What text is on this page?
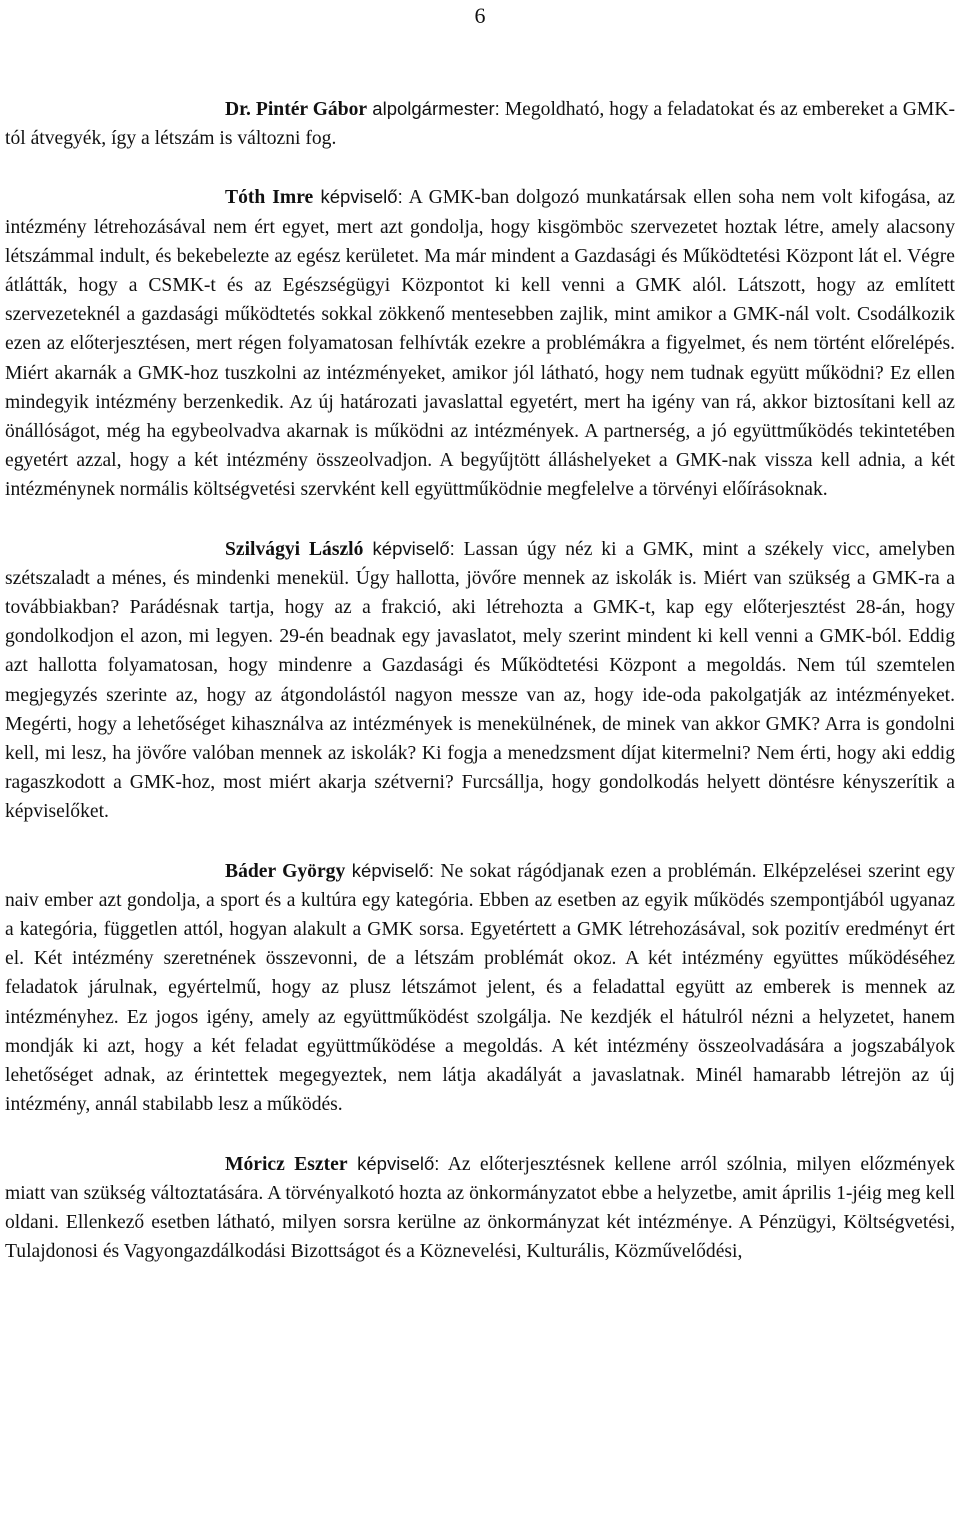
6

Dr. Pintér Gábor alpolgármester: Megoldható, hogy a feladatokat és az embereket a GMK-tól átvegyék, így a létszám is változni fog.

Tóth Imre képviselő: A GMK-ban dolgozó munkatársak ellen soha nem volt kifogása, az intézmény létrehozásával nem ért egyet, mert azt gondolja, hogy kisgömböc szervezetet hoztak létre, amely alacsony létszámmal indult, és bekebelezte az egész kerületet. Ma már mindent a Gazdasági és Működtetési Központ lát el. Végre átlátták, hogy a CSMK-t és az Egészségügyi Központot ki kell venni a GMK alól. Látszott, hogy az említett szervezeteknél a gazdasági működtetés sokkal zökkenő mentesebben zajlik, mint amikor a GMK-nál volt. Csodálkozik ezen az előterjesztésen, mert régen folyamatosan felhívták ezekre a problémákra a figyelmet, és nem történt előrelépés. Miért akarnák a GMK-hoz tuszkolni az intézményeket, amikor jól látható, hogy nem tudnak együtt működni? Ez ellen mindegyik intézmény berzenkedik. Az új határozati javaslattal egyetért, mert ha igény van rá, akkor biztosítani kell az önállóságot, még ha egybeolvadva akarnak is működni az intézmények. A partnerség, a jó együttműködés tekintetében egyetért azzal, hogy a két intézmény összeolvadjon. A begyűjtött álláshelyeket a GMK-nak vissza kell adnia, a két intézménynek normális költségvetési szervként kell együttműködnie megfelelve a törvényi előírásoknak.

Szilvágyi László képviselő: Lassan úgy néz ki a GMK, mint a székely vicc, amelyben szétszaladt a ménes, és mindenki menekül. Úgy hallotta, jövőre mennek az iskolák is. Miért van szükség a GMK-ra a továbbiakban? Parádésnak tartja, hogy az a frakció, aki létrehozta a GMK-t, kap egy előterjesztést 28-án, hogy gondolkodjon el azon, mi legyen. 29-én beadnak egy javaslatot, mely szerint mindent ki kell venni a GMK-ból. Eddig azt hallotta folyamatosan, hogy mindenre a Gazdasági és Működtetési Központ a megoldás. Nem túl szemtelen megjegyzés szerinte az, hogy az átgondolástól nagyon messze van az, hogy ide-oda pakolgatják az intézményeket. Megérti, hogy a lehetőséget kihasználva az intézmények is menekülnének, de minek van akkor GMK? Arra is gondolni kell, mi lesz, ha jövőre valóban mennek az iskolák? Ki fogja a menedzsment díjat kitermelni? Nem érti, hogy aki eddig ragaszkodott a GMK-hoz, most miért akarja szétverni? Furcsállja, hogy gondolkodás helyett döntésre kényszerítik a képviselőket.

Báder György képviselő: Ne sokat rágódjanak ezen a problémán. Elképzelései szerint egy naiv ember azt gondolja, a sport és a kultúra egy kategória. Ebben az esetben az egyik működés szempontjából ugyanaz a kategória, független attól, hogyan alakult a GMK sorsa. Egyetértett a GMK létrehozásával, sok pozitív eredményt ért el. Két intézmény szeretnének összevonni, de a létszám problémát okoz. A két intézmény együttes működéséhez feladatok járulnak, egyértelmű, hogy az plusz létszámot jelent, és a feladattal együtt az emberek is mennek az intézményhez. Ez jogos igény, amely az együttműködést szolgálja. Ne kezdjék el hátulról nézni a helyzetet, hanem mondják ki azt, hogy a két feladat együttműködése a megoldás. A két intézmény összeolvadására a jogszabályok lehetőséget adnak, az érintettek megegyeztek, nem látja akadályát a javaslatnak. Minél hamarabb létrejön az új intézmény, annál stabilabb lesz a működés.

Móricz Eszter képviselő: Az előterjesztésnek kellene arról szólnia, milyen előzmények miatt van szükség változtatására. A törvényalkotó hozta az önkormányzatot ebbe a helyzetbe, amit április 1-jéig meg kell oldani. Ellenkező esetben látható, milyen sorsra kerülne az önkormányzat két intézménye. A Pénzügyi, Költségvetési, Tulajdonosi és Vagyongazdálkodási Bizottságot és a Köznevelési, Kulturális, Közművelődési,
